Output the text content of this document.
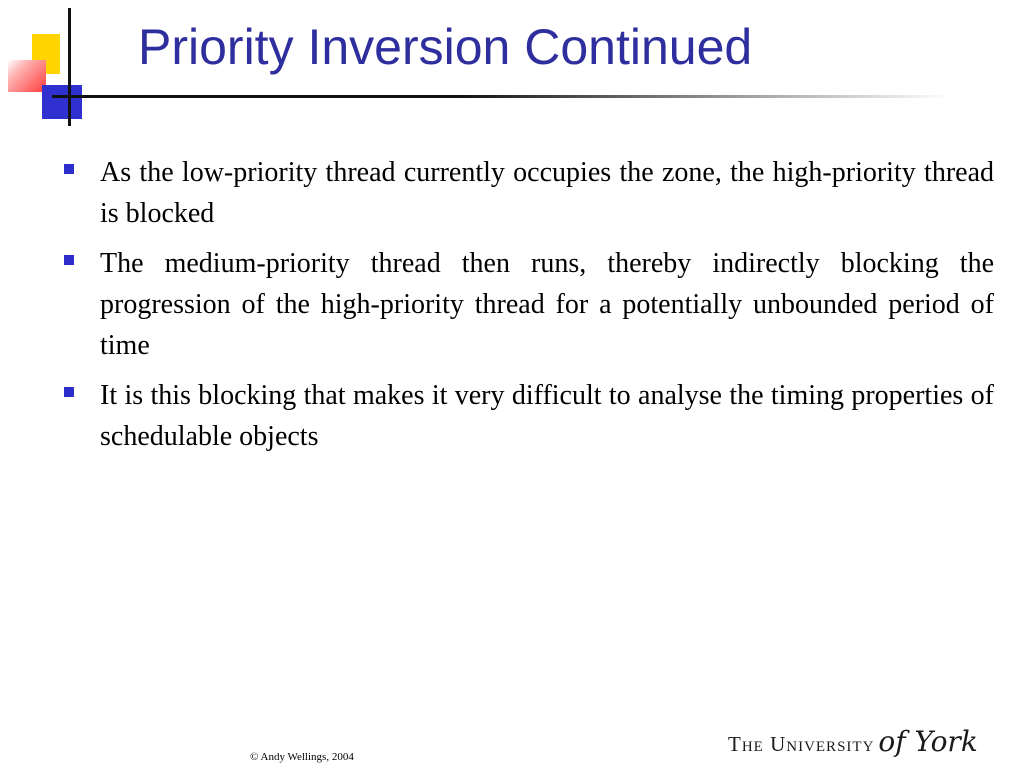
Priority Inversion Continued
As the low-priority thread currently occupies the zone, the high-priority thread is blocked
The medium-priority thread then runs, thereby indirectly blocking the progression of the high-priority thread for a potentially unbounded period of time
It is this blocking that makes it very difficult to analyse the timing properties of schedulable objects
© Andy Wellings, 2004
The University of York
